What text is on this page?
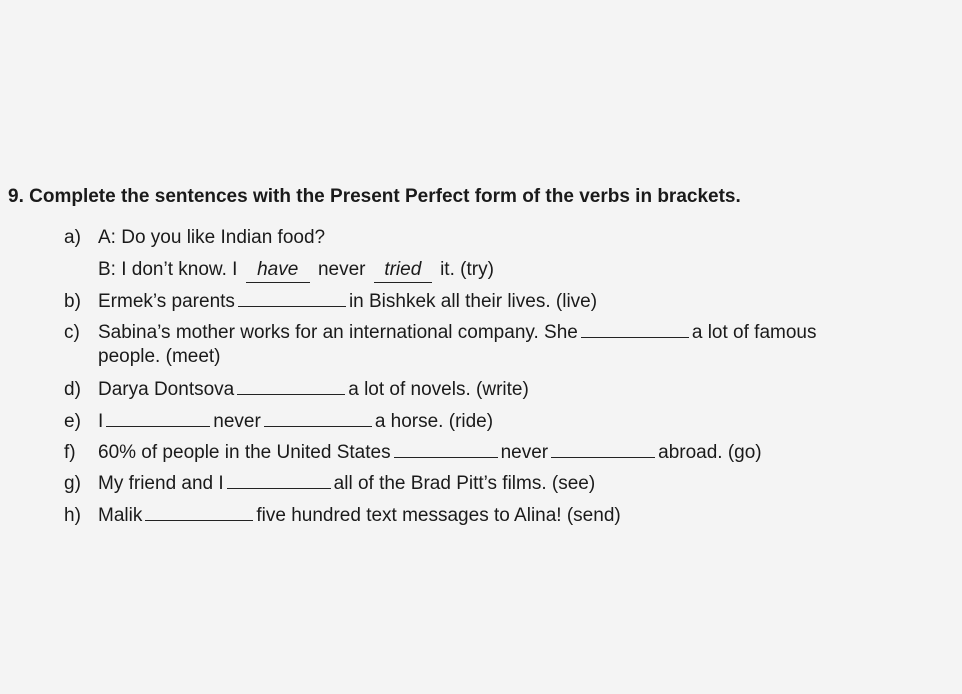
9. Complete the sentences with the Present Perfect form of the verbs in brackets.
a) A: Do you like Indian food?
B: I don’t know. I have never tried it. (try)
b) Ermek’s parents	in Bishkek all their lives. (live)
c) Sabina’s mother works for an international company. She	a lot of famous
people. (meet)
d) Darya Dontsova	a lot of novels. (write)
e) I	never	a horse. (ride)
f) 60% of people in the United States	never	abroad. (go)
g) My friend and I	all of the Brad Pitt’s films. (see)
h) Malik	five hundred text messages to Alina! (send)
